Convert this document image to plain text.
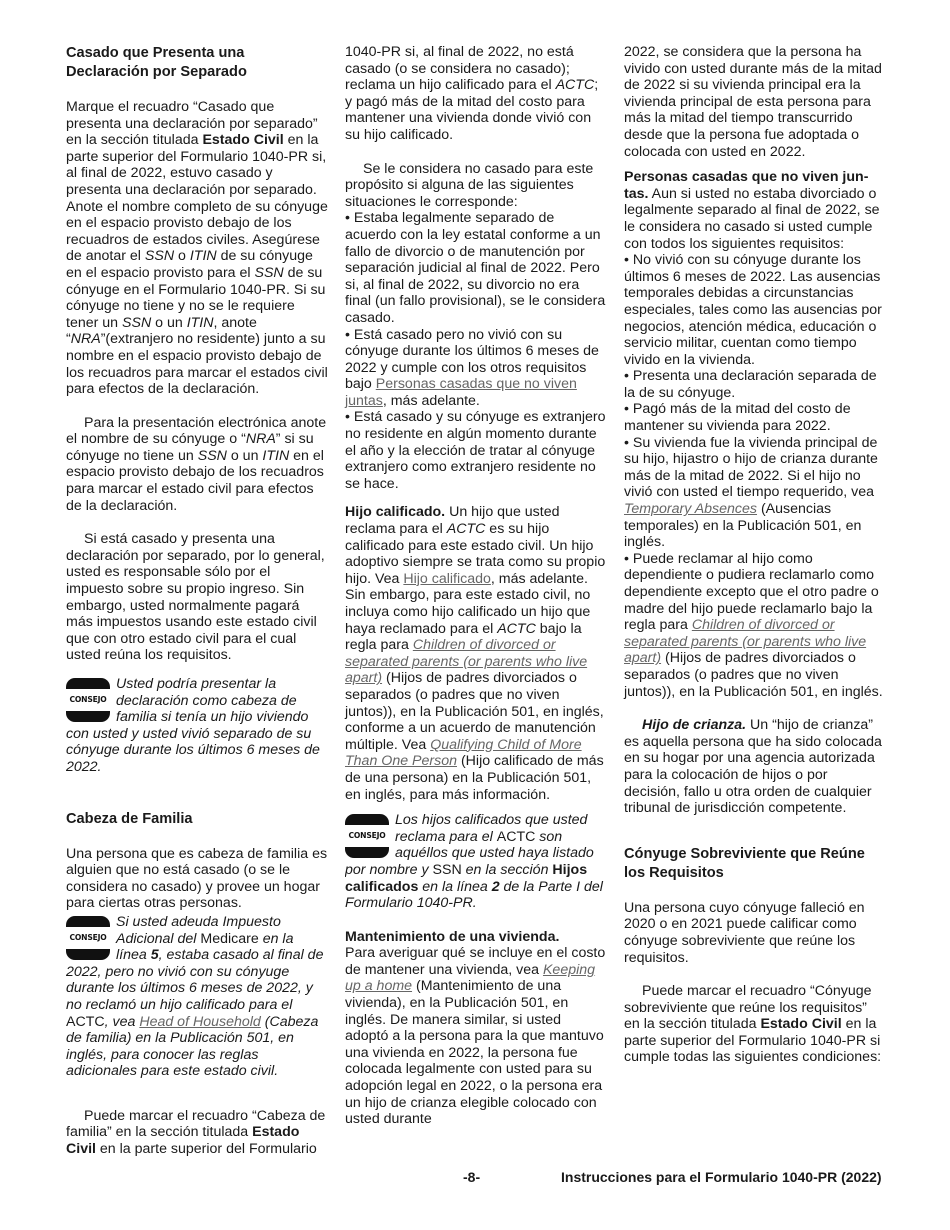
Casado que Presenta una Declaración por Separado

Marque el recuadro “Casado que presenta una declaración por separado” en la sección titulada Estado Civil en la parte superior del Formulario 1040-PR si, al final de 2022, estuvo casado y presenta una declaración por separado. Anote el nombre completo de su cónyuge en el espacio provisto debajo de los recuadros de estados civiles. Asegúrese de anotar el SSN o ITIN de su cónyuge en el espacio provisto para el SSN de su cónyuge en el Formulario 1040-PR. Si su cónyuge no tiene y no se le requiere tener un SSN o un ITIN, anote “NRA”(extranjero no residente) junto a su nombre en el espacio provisto debajo de los recuadros para marcar el estados civil para efectos de la declaración.

Para la presentación electrónica anote el nombre de su cónyuge o “NRA” si su cónyuge no tiene un SSN o un ITIN en el espacio provisto debajo de los recuadros para marcar el estado civil para efectos de la declaración.

Si está casado y presenta una declaración por separado, por lo general, usted es responsable sólo por el impuesto sobre su propio ingreso. Sin embargo, usted normalmente pagará más impuestos usando este estado civil que con otro estado civil para el cual usted reúna los requisitos.

CONSEJO

Usted podría presentar la declaración como cabeza de familia si tenía un hijo viviendo con usted y usted vivió separado de su cónyuge durante los últimos 6 meses de 2022.

Cabeza de Familia

Una persona que es cabeza de familia es alguien que no está casado (o se le considera no casado) y provee un hogar para ciertas otras personas.

CONSEJO

Si usted adeuda Impuesto Adicional del Medicare en la línea 5, estaba casado al final de 2022, pero no vivió con su cónyuge durante los últimos 6 meses de 2022, y no reclamó un hijo calificado para el ACTC, vea Head of Household (Cabeza de familia) en la Publicación 501, en inglés, para conocer las reglas adicionales para este estado civil.

Puede marcar el recuadro “Cabeza de familia” en la sección titulada Estado Civil en la parte superior del Formulario

1040-PR si, al final de 2022, no está casado (o se considera no casado); reclama un hijo calificado para el ACTC; y pagó más de la mitad del costo para mantener una vivienda donde vivió con su hijo calificado.

Se le considera no casado para este propósito si alguna de las siguientes situaciones le corresponde:

• Estaba legalmente separado de acuerdo con la ley estatal conforme a un fallo de divorcio o de manutención por separación judicial al final de 2022. Pero si, al final de 2022, su divorcio no era final (un fallo provisional), se le considera casado.

• Está casado pero no vivió con su cónyuge durante los últimos 6 meses de 2022 y cumple con los otros requisitos bajo Personas casadas que no viven juntas, más adelante.

• Está casado y su cónyuge es extranjero no residente en algún momento durante el año y la elección de tratar al cónyuge extranjero como extranjero residente no se hace.

Hijo calificado. Un hijo que usted reclama para el ACTC es su hijo calificado para este estado civil. Un hijo adoptivo siempre se trata como su propio hijo. Vea Hijo calificado, más adelante. Sin embargo, para este estado civil, no incluya como hijo calificado un hijo que haya reclamado para el ACTC bajo la regla para Children of divorced or separated parents (or parents who live apart) (Hijos de padres divorciados o separados (o padres que no viven juntos)), en la Publicación 501, en inglés, conforme a un acuerdo de manutención múltiple. Vea Qualifying Child of More Than One Person (Hijo calificado de más de una persona) en la Publicación 501, en inglés, para más información.

CONSEJO

Los hijos calificados que usted reclama para el ACTC son aquéllos que usted haya listado por nombre y SSN en la sección Hijos calificados en la línea 2 de la Parte I del Formulario 1040-PR.

Mantenimiento de una vivienda.
Para averiguar qué se incluye en el costo de mantener una vivienda, vea Keeping up a home (Mantenimiento de una vivienda), en la Publicación 501, en inglés. De manera similar, si usted adoptó a la persona para la que mantuvo una vivienda en 2022, la persona fue colocada legalmente con usted para su adopción legal en 2022, o la persona era un hijo de crianza elegible colocado con usted durante

2022, se considera que la persona ha vivido con usted durante más de la mitad de 2022 si su vivienda principal era la vivienda principal de esta persona para más la mitad del tiempo transcurrido desde que la persona fue adoptada o colocada con usted en 2022.

Personas casadas que no viven jun-tas. Aun si usted no estaba divorciado o legalmente separado al final de 2022, se le considera no casado si usted cumple con todos los siguientes requisitos:

• No vivió con su cónyuge durante los últimos 6 meses de 2022. Las ausencias temporales debidas a circunstancias especiales, tales como las ausencias por negocios, atención médica, educación o servicio militar, cuentan como tiempo vivido en la vivienda.

• Presenta una declaración separada de la de su cónyuge.

• Pagó más de la mitad del costo de mantener su vivienda para 2022.

• Su vivienda fue la vivienda principal de su hijo, hijastro o hijo de crianza durante más de la mitad de 2022. Si el hijo no vivió con usted el tiempo requerido, vea Temporary Absences (Ausencias temporales) en la Publicación 501, en inglés.

• Puede reclamar al hijo como dependiente o pudiera reclamarlo como dependiente excepto que el otro padre o madre del hijo puede reclamarlo bajo la regla para Children of divorced or separated parents (or parents who live apart) (Hijos de padres divorciados o separados (o padres que no viven juntos)), en la Publicación 501, en inglés.

Hijo de crianza. Un “hijo de crianza” es aquella persona que ha sido colocada en su hogar por una agencia autorizada para la colocación de hijos o por decisión, fallo u otra orden de cualquier tribunal de jurisdicción competente.

Cónyuge Sobreviviente que Reúne los Requisitos

Una persona cuyo cónyuge falleció en 2020 o en 2021 puede calificar como cónyuge sobreviviente que reúne los requisitos.

Puede marcar el recuadro “Cónyuge sobreviviente que reúne los requisitos” en la sección titulada Estado Civil en la parte superior del Formulario 1040-PR si cumple todas las siguientes condiciones:

-8-	Instrucciones para el Formulario 1040-PR (2022)
